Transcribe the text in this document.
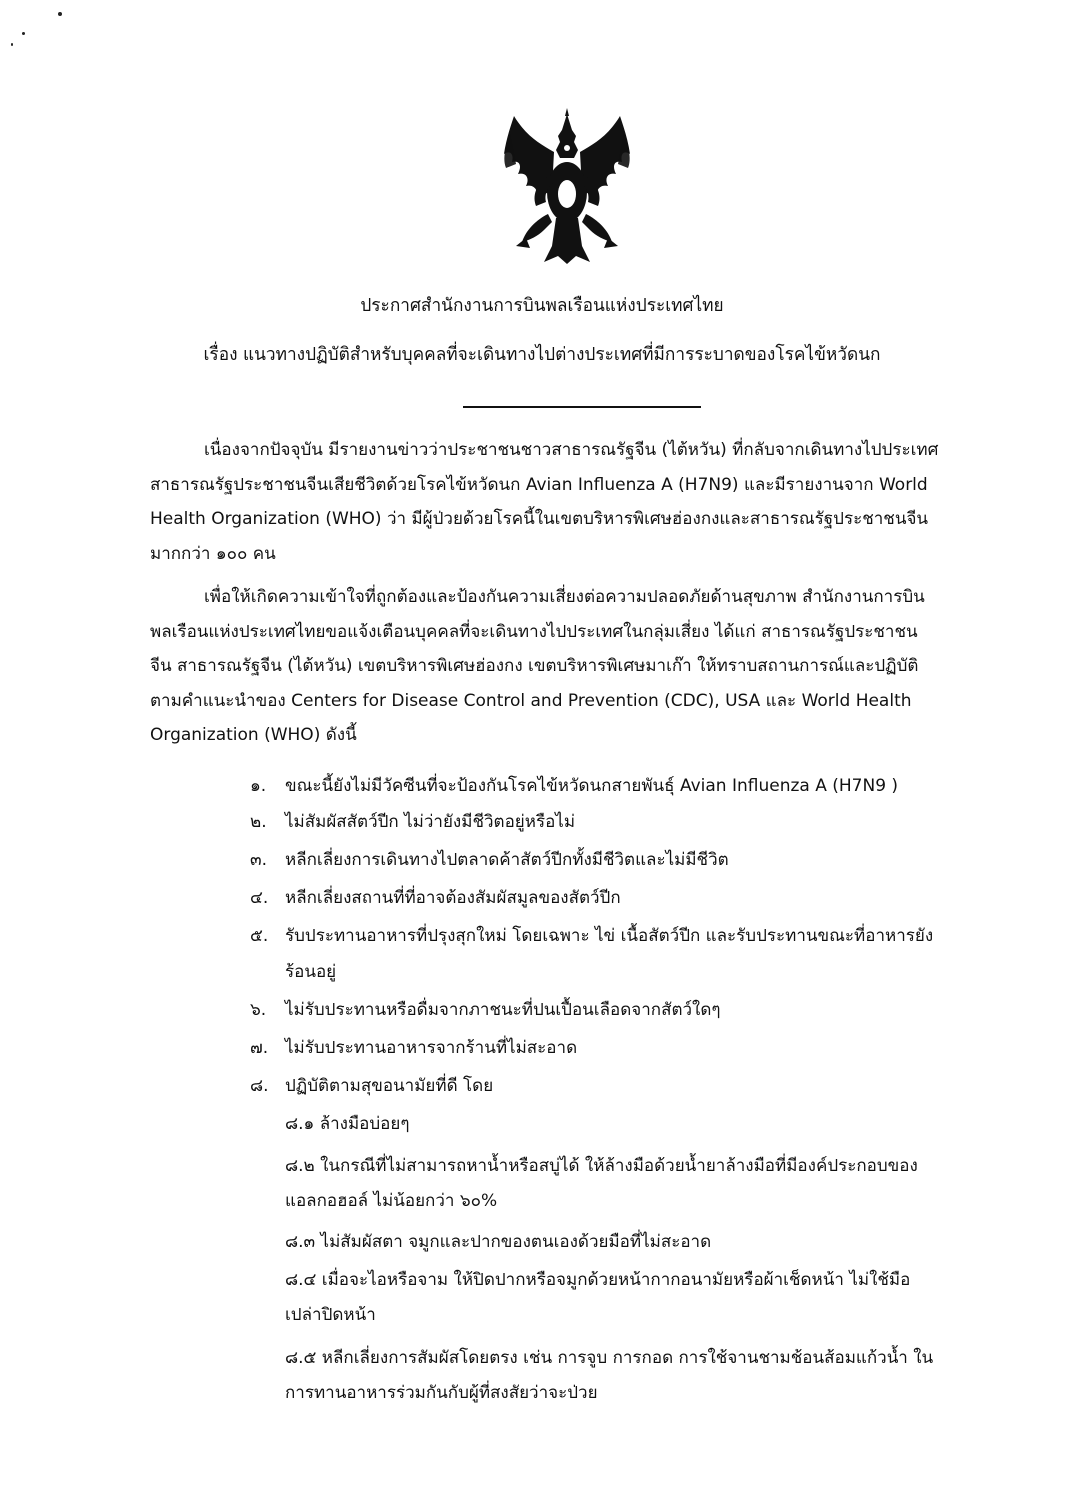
ประกาศสำนักงานการบินพลเรือนแห่งประเทศไทย
เรื่อง แนวทางปฏิบัติสำหรับบุคคลที่จะเดินทางไปต่างประเทศที่มีการระบาดของโรคไข้หวัดนก
เนื่องจากปัจจุบัน มีรายงานข่าวว่าประชาชนชาวสาธารณรัฐจีน (ไต้หวัน) ที่กลับจากเดินทางไปประเทศ
สาธารณรัฐประชาชนจีนเสียชีวิตด้วยโรคไข้หวัดนก Avian Influenza A (H7N9) และมีรายงานจาก World
Health Organization (WHO) ว่า มีผู้ป่วยด้วยโรคนี้ในเขตบริหารพิเศษฮ่องกงและสาธารณรัฐประชาชนจีน
มากกว่า ๑๐๐ คน
เพื่อให้เกิดความเข้าใจที่ถูกต้องและป้องกันความเสี่ยงต่อความปลอดภัยด้านสุขภาพ สำนักงานการบิน
พลเรือนแห่งประเทศไทยขอแจ้งเตือนบุคคลที่จะเดินทางไปประเทศในกลุ่มเสี่ยง ได้แก่ สาธารณรัฐประชาชน
จีน สาธารณรัฐจีน (ไต้หวัน) เขตบริหารพิเศษฮ่องกง เขตบริหารพิเศษมาเก๊า ให้ทราบสถานการณ์และปฏิบัติ
ตามคำแนะนำของ Centers for Disease Control and Prevention (CDC), USA และ World Health
Organization (WHO) ดังนี้
๑. ขณะนี้ยังไม่มีวัคซีนที่จะป้องกันโรคไข้หวัดนกสายพันธุ์ Avian Influenza A (H7N9 )
๒. ไม่สัมผัสสัตว์ปีก ไม่ว่ายังมีชีวิตอยู่หรือไม่
๓. หลีกเลี่ยงการเดินทางไปตลาดค้าสัตว์ปีกทั้งมีชีวิตและไม่มีชีวิต
๔. หลีกเลี่ยงสถานที่ที่อาจต้องสัมผัสมูลของสัตว์ปีก
๕. รับประทานอาหารที่ปรุงสุกใหม่ โดยเฉพาะ ไข่ เนื้อสัตว์ปีก และรับประทานขณะที่อาหารยัง
ร้อนอยู่
๖. ไม่รับประทานหรือดื่มจากภาชนะที่ปนเปื้อนเลือดจากสัตว์ใดๆ
๗. ไม่รับประทานอาหารจากร้านที่ไม่สะอาด
๘. ปฏิบัติตามสุขอนามัยที่ดี โดย
๘.๑ ล้างมือบ่อยๆ
๘.๒ ในกรณีที่ไม่สามารถหาน้ำหรือสบู่ได้ ให้ล้างมือด้วยน้ำยาล้างมือที่มีองค์ประกอบของ
แอลกอฮอล์ ไม่น้อยกว่า ๖๐%
๘.๓ ไม่สัมผัสตา จมูกและปากของตนเองด้วยมือที่ไม่สะอาด
๘.๔ เมื่อจะไอหรือจาม ให้ปิดปากหรือจมูกด้วยหน้ากากอนามัยหรือผ้าเช็ดหน้า ไม่ใช้มือ
เปล่าปิดหน้า
๘.๕ หลีกเลี่ยงการสัมผัสโดยตรง เช่น การจูบ การกอด การใช้จานชามช้อนส้อมแก้วน้ำ ใน
การทานอาหารร่วมกันกับผู้ที่สงสัยว่าจะป่วย
